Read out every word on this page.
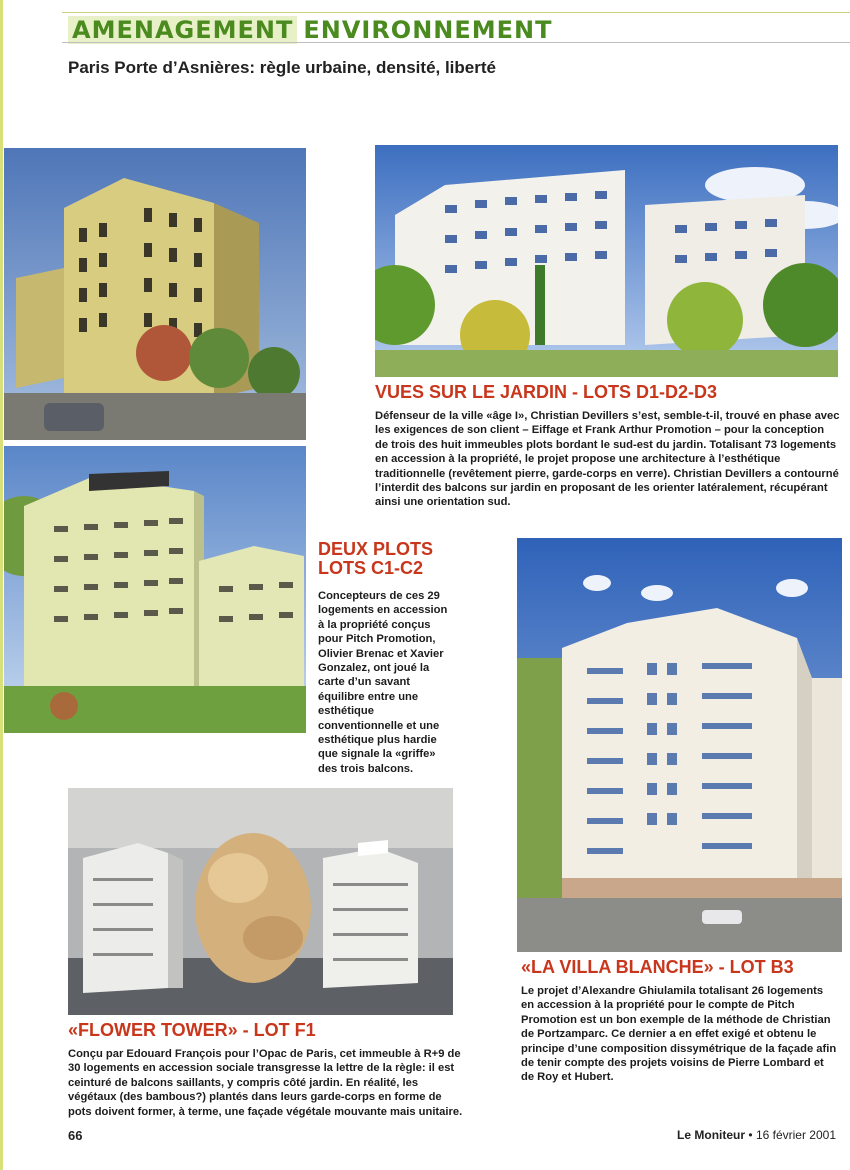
AMENAGEMENT ENVIRONNEMENT
Paris Porte d’Asnières: règle urbaine, densité, liberté
VUES SUR LE JARDIN - LOTS D1-D2-D3
Défenseur de la ville «âge I», Christian Devillers s’est, semble-t-il, trouvé en phase avec les exigences de son client – Eiffage et Frank Arthur Promotion – pour la conception de trois des huit immeubles plots bordant le sud-est du jardin. Totalisant 73 logements en accession à la propriété, le projet propose une architecture à l’esthétique traditionnelle (revêtement pierre, garde-corps en verre). Christian Devillers a contourné l’interdit des balcons sur jardin en proposant de les orienter latéralement, récupérant ainsi une orientation sud.
DEUX PLOTS
LOTS C1-C2
Concepteurs de ces 29 logements en accession à la propriété conçus pour Pitch Promotion, Olivier Brenac et Xavier Gonzalez, ont joué la carte d’un savant équilibre entre une esthétique conventionnelle et une esthétique plus hardie que signale la «griffe» des trois balcons.
«LA VILLA BLANCHE» - LOT B3
Le projet d’Alexandre Ghiulamila totalisant 26 logements en accession à la propriété pour le compte de Pitch Promotion est un bon exemple de la méthode de Christian de Portzamparc. Ce dernier a en effet exigé et obtenu le principe d’une composition dissymétrique de la façade afin de tenir compte des projets voisins de Pierre Lombard et de Roy et Hubert.
«FLOWER TOWER» - LOT F1
Conçu par Edouard François pour l’Opac de Paris, cet immeuble à R+9 de 30 logements en accession sociale transgresse la lettre de la règle: il est ceinturé de balcons saillants, y compris côté jardin. En réalité, les végétaux (des bambous?) plantés dans leurs garde-corps en forme de pots doivent former, à terme, une façade végétale mouvante mais unitaire.
66	Le Moniteur • 16 février 2001
